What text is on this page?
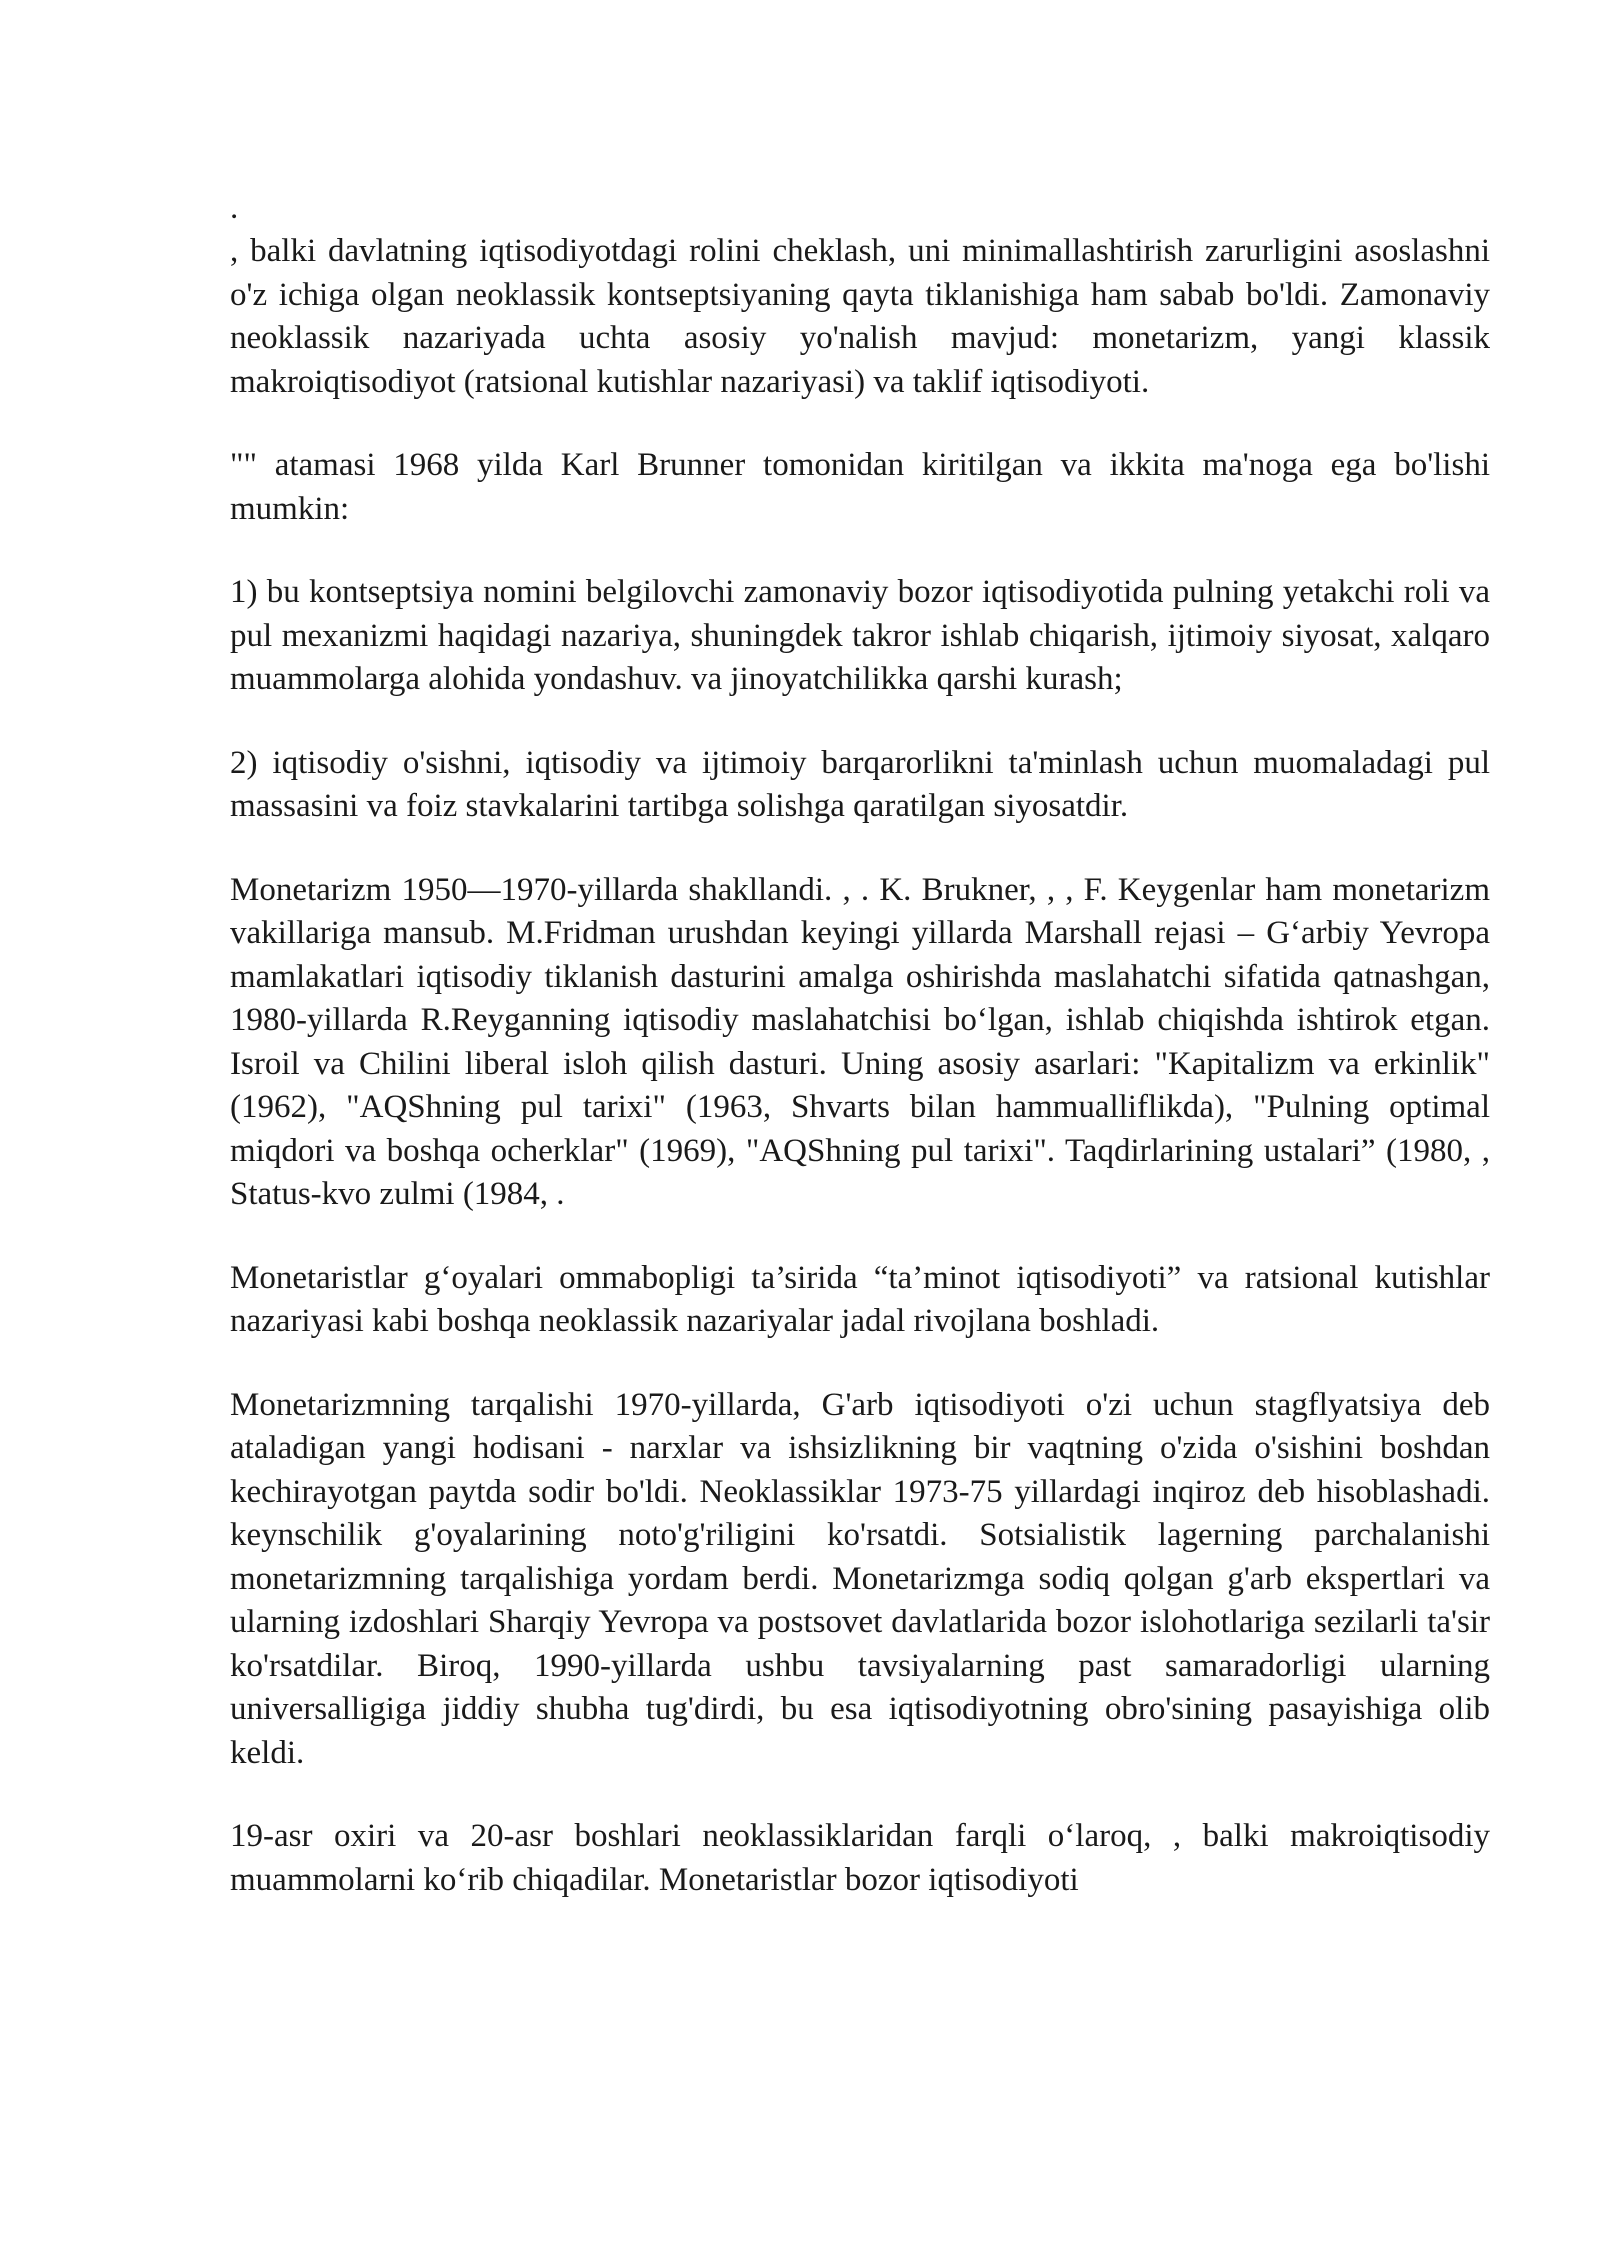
.

, balki davlatning iqtisodiyotdagi rolini cheklash, uni minimallashtirish zarurligini asoslashni o'z ichiga olgan neoklassik kontseptsiyaning qayta tiklanishiga ham sabab bo'ldi. Zamonaviy neoklassik nazariyada uchta asosiy yo'nalish mavjud: monetarizm, yangi klassik makroiqtisodiyot (ratsional kutishlar nazariyasi) va taklif iqtisodiyoti.

"" atamasi 1968 yilda Karl Brunner tomonidan kiritilgan va ikkita ma'noga ega bo'lishi mumkin:

1) bu kontseptsiya nomini belgilovchi zamonaviy bozor iqtisodiyotida pulning yetakchi roli va pul mexanizmi haqidagi nazariya, shuningdek takror ishlab chiqarish, ijtimoiy siyosat, xalqaro muammolarga alohida yondashuv. va jinoyatchilikka qarshi kurash;

2) iqtisodiy o'sishni, iqtisodiy va ijtimoiy barqarorlikni ta'minlash uchun muomaladagi pul massasini va foiz stavkalarini tartibga solishga qaratilgan siyosatdir.

Monetarizm 1950—1970-yillarda shakllandi. , . K. Brukner, , , F. Keygenlar ham monetarizm vakillariga mansub. M.Fridman urushdan keyingi yillarda Marshall rejasi – G‘arbiy Yevropa mamlakatlari iqtisodiy tiklanish dasturini amalga oshirishda maslahatchi sifatida qatnashgan, 1980-yillarda R.Reyganning iqtisodiy maslahatchisi bo‘lgan, ishlab chiqishda ishtirok etgan. Isroil va Chilini liberal isloh qilish dasturi. Uning asosiy asarlari: "Kapitalizm va erkinlik" (1962), "AQShning pul tarixi" (1963, Shvarts bilan hammualliflikda), "Pulning optimal miqdori va boshqa ocherklar" (1969), "AQShning pul tarixi". Taqdirlarining ustalari” (1980, , Status-kvo zulmi (1984, .

Monetaristlar g‘oyalari ommabopligi ta’sirida “ta’minot iqtisodiyoti” va ratsional kutishlar nazariyasi kabi boshqa neoklassik nazariyalar jadal rivojlana boshladi.

Monetarizmning tarqalishi 1970-yillarda, G'arb iqtisodiyoti o'zi uchun stagflyatsiya deb ataladigan yangi hodisani - narxlar va ishsizlikning bir vaqtning o'zida o'sishini boshdan kechirayotgan paytda sodir bo'ldi. Neoklassiklar 1973-75 yillardagi inqiroz deb hisoblashadi. keynschilik g'oyalarining noto'g'riligini ko'rsatdi. Sotsialistik lagerning parchalanishi monetarizmning tarqalishiga yordam berdi. Monetarizmga sodiq qolgan g'arb ekspertlari va ularning izdoshlari Sharqiy Yevropa va postsovet davlatlarida bozor islohotlariga sezilarli ta'sir ko'rsatdilar. Biroq, 1990-yillarda ushbu tavsiyalarning past samaradorligi ularning universalligiga jiddiy shubha tug'dirdi, bu esa iqtisodiyotning obro'sining pasayishiga olib keldi.

19-asr oxiri va 20-asr boshlari neoklassiklaridan farqli o‘laroq, , balki makroiqtisodiy muammolarni ko‘rib chiqadilar. Monetaristlar bozor iqtisodiyoti
